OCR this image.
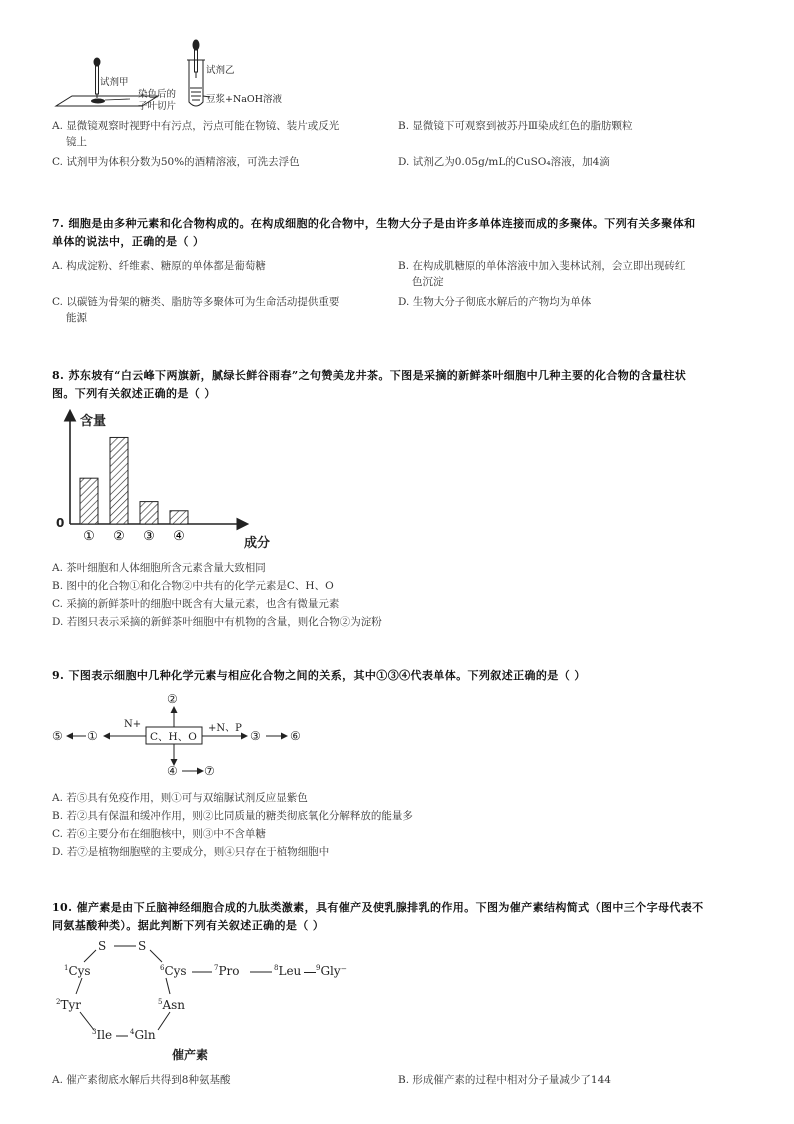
试剂甲
染色后的
子叶切片
试剂乙
豆浆+NaOH溶液
A. 显微镜观察时视野中有污点，污点可能在物镜、装片或反光
镜上
B. 显微镜下可观察到被苏丹Ⅲ染成红色的脂肪颗粒
C. 试剂甲为体积分数为50%的酒精溶液，可洗去浮色	D. 试剂乙为0.05g/mL的CuSO₄溶液，加4滴
7. 细胞是由多种元素和化合物构成的。在构成细胞的化合物中，生物大分子是由许多单体连接而成的多聚体。下列有关多聚体和
单体的说法中，正确的是（ ）
A. 构成淀粉、纤维素、糖原的单体都是葡萄糖	B. 在构成肌糖原的单体溶液中加入斐林试剂，会立即出现砖红
色沉淀
C. 以碳链为骨架的糖类、脂肪等多聚体可为生命活动提供重要
能源
D. 生物大分子彻底水解后的产物均为单体
8. 苏东坡有“白云峰下两旗新，腻绿长鲜谷雨春”之句赞美龙井茶。下图是采摘的新鲜茶叶细胞中几种主要的化合物的含量柱状
图。下列有关叙述正确的是（ ）
① ② ③ ④
含量
0
成分
A. 茶叶细胞和人体细胞所含元素含量大致相同
B. 图中的化合物①和化合物②中共有的化学元素是C、H、O
C. 采摘的新鲜茶叶的细胞中既含有大量元素，也含有微量元素
D. 若图只表示采摘的新鲜茶叶细胞中有机物的含量，则化合物②为淀粉
9. 下图表示细胞中几种化学元素与相应化合物之间的关系，其中①③④代表单体。下列叙述正确的是（ ）
C、H、O
②
④ ⑦
①
⑤	③ ⑥
N+	+N、P
A. 若⑤具有免疫作用，则①可与双缩脲试剂反应显紫色
B. 若②具有保温和缓冲作用，则②比同质量的糖类彻底氧化分解释放的能量多
C. 若⑥主要分布在细胞核中，则③中不含单糖
D. 若⑦是植物细胞壁的主要成分，则④只存在于植物细胞中
10. 催产素是由下丘脑神经细胞合成的九肽类激素，具有催产及使乳腺排乳的作用。下图为催产素结构简式（图中三个字母代表不
同氨基酸种类）。据此判断下列有关叙述正确的是（ ）
S	S
$^1$Cys	$^6$Cys	$^7$Pro	$^8$Leu $^9$Gly⁻
$^2$Tyr	$^5$Asn
$^3$Ile	$^4$Gln
催产素
A. 催产素彻底水解后共得到8种氨基酸	B. 形成催产素的过程中相对分子量减少了144
